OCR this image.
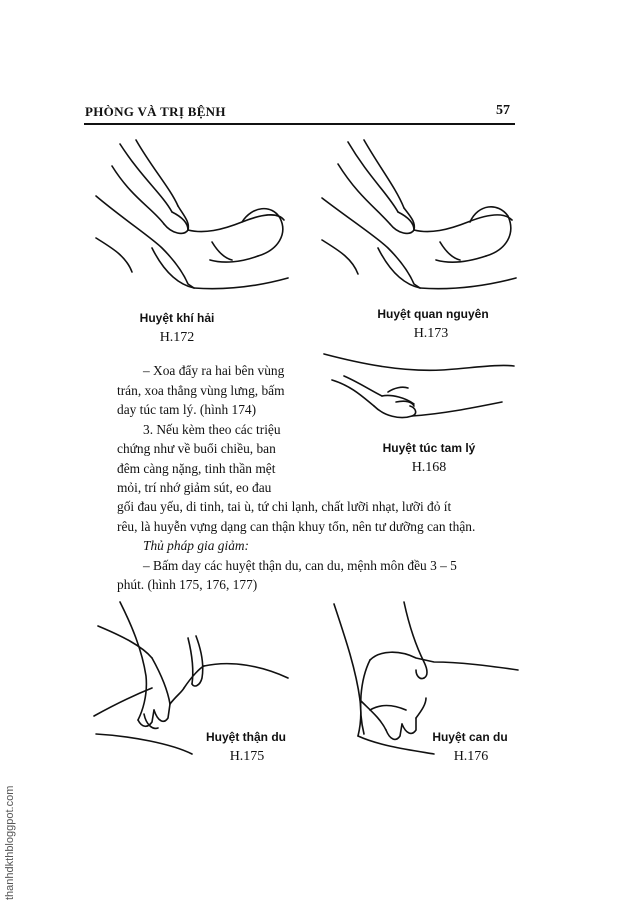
PHÒNG VÀ TRỊ BỆNH	57
Huyệt khí hải
H.172
Huyệt quan nguyên
H.173
Huyệt túc tam lý
H.168

– Xoa đẩy ra hai bên vùng

trán, xoa thẳng vùng lưng, bấm

day túc tam lý. (hình 174)

3. Nếu kèm theo các triệu

chứng như về buổi chiều, ban

đêm càng nặng, tinh thần mệt

mỏi, trí nhớ giảm sút, eo đau

gối đau yếu, di tinh, tai ù, tứ chi lạnh, chất lưỡi nhạt, lưỡi đỏ ít

rêu, là huyễn vựng dạng can thận khuy tổn, nên tư dưỡng can thận.

Thủ pháp gia giảm:

– Bấm day các huyệt thận du, can du, mệnh môn đều 3 – 5

phút. (hình 175, 176, 177)

Huyệt thận du
H.175
Huyệt can du
H.176
thanhdkthbloggpot.com
